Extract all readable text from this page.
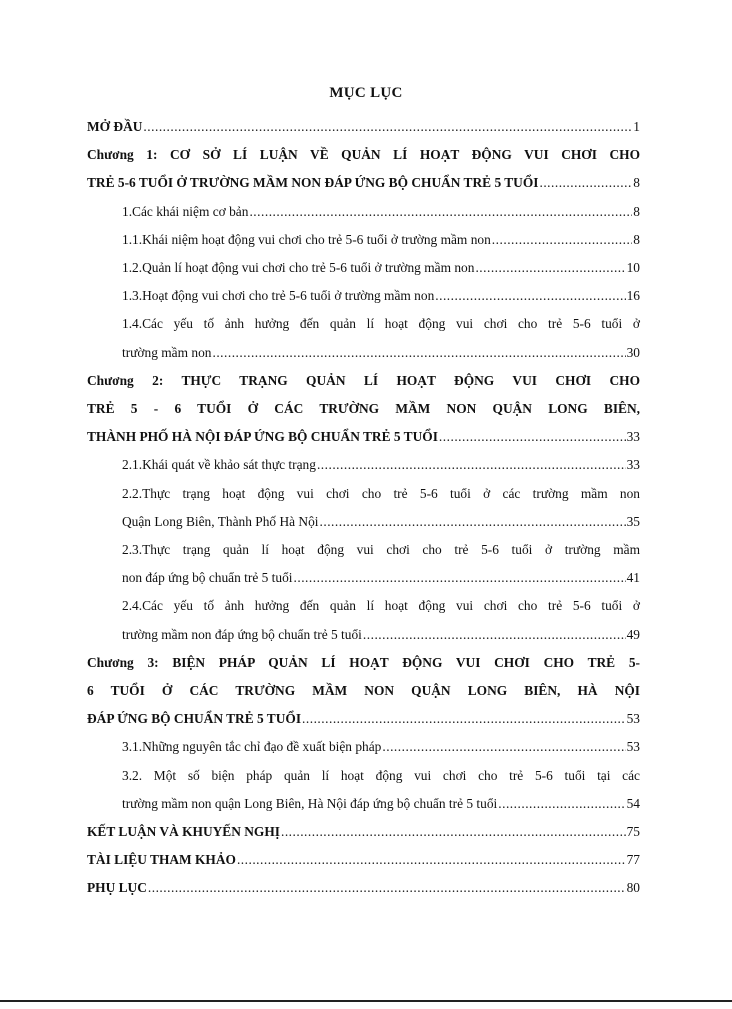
MỤC LỤC
MỞ ĐẦU .....	1
Chương 1: CƠ SỞ LÍ LUẬN VỀ QUẢN LÍ HOẠT ĐỘNG VUI CHƠI CHO
TRẺ 5-6 TUỔI Ở TRƯỜNG MẦM NON ĐÁP ỨNG BỘ CHUẨN TRẺ 5 TUỔI .....	8
1.Các khái niệm cơ bản .....	8
1.1.Khái niệm hoạt động vui chơi cho trẻ 5-6 tuổi ở trường mầm non .....	8
1.2.Quản lí hoạt động vui chơi cho trẻ 5-6 tuổi ở trường mầm non .....	10
1.3.Hoạt động vui chơi cho trẻ 5-6 tuổi ở trường mầm non .....	16
1.4.Các yếu tố ảnh hưởng đến quản lí hoạt động vui chơi cho trẻ 5-6 tuổi ở
trường mầm non .....	30
Chương 2: THỰC TRẠNG QUẢN LÍ HOẠT ĐỘNG VUI CHƠI CHO
TRẺ 5 - 6 TUỔI Ở CÁC TRƯỜNG MẦM NON QUẬN LONG BIÊN,
THÀNH PHỐ HÀ NỘI ĐÁP ỨNG BỘ CHUẨN TRẺ 5 TUỔI .....	33
2.1.Khái quát về khảo sát thực trạng .....	33
2.2.Thực trạng hoạt động vui chơi cho trẻ 5-6 tuổi ở các trường mầm non
Quận Long Biên, Thành Phố Hà Nội .....	35
2.3.Thực trạng quản lí hoạt động vui chơi cho trẻ 5-6 tuổi ở trường mầm
non đáp ứng bộ chuẩn trẻ 5 tuổi .....	41
2.4.Các yếu tố ảnh hưởng đến quản lí hoạt động vui chơi cho trẻ 5-6 tuổi ở
trường mầm non đáp ứng bộ chuẩn trẻ 5 tuổi .....	49
Chương 3: BIỆN PHÁP QUẢN LÍ HOẠT ĐỘNG VUI CHƠI CHO TRẺ 5-
6 TUỔI Ở CÁC TRƯỜNG MẦM NON QUẬN LONG BIÊN, HÀ NỘI
ĐÁP ỨNG BỘ CHUẨN TRẺ 5 TUỔI .....	53
3.1.Những nguyên tắc chỉ đạo đề xuất biện pháp .....	53
3.2. Một số biện pháp quản lí hoạt động vui chơi cho trẻ 5-6 tuổi tại các
trường mầm non quận Long Biên, Hà Nội đáp ứng bộ chuẩn trẻ 5 tuổi .....	54
KẾT LUẬN VÀ KHUYẾN NGHỊ .....	75
TÀI LIỆU THAM KHẢO .....	77
PHỤ LỤC .....	80
